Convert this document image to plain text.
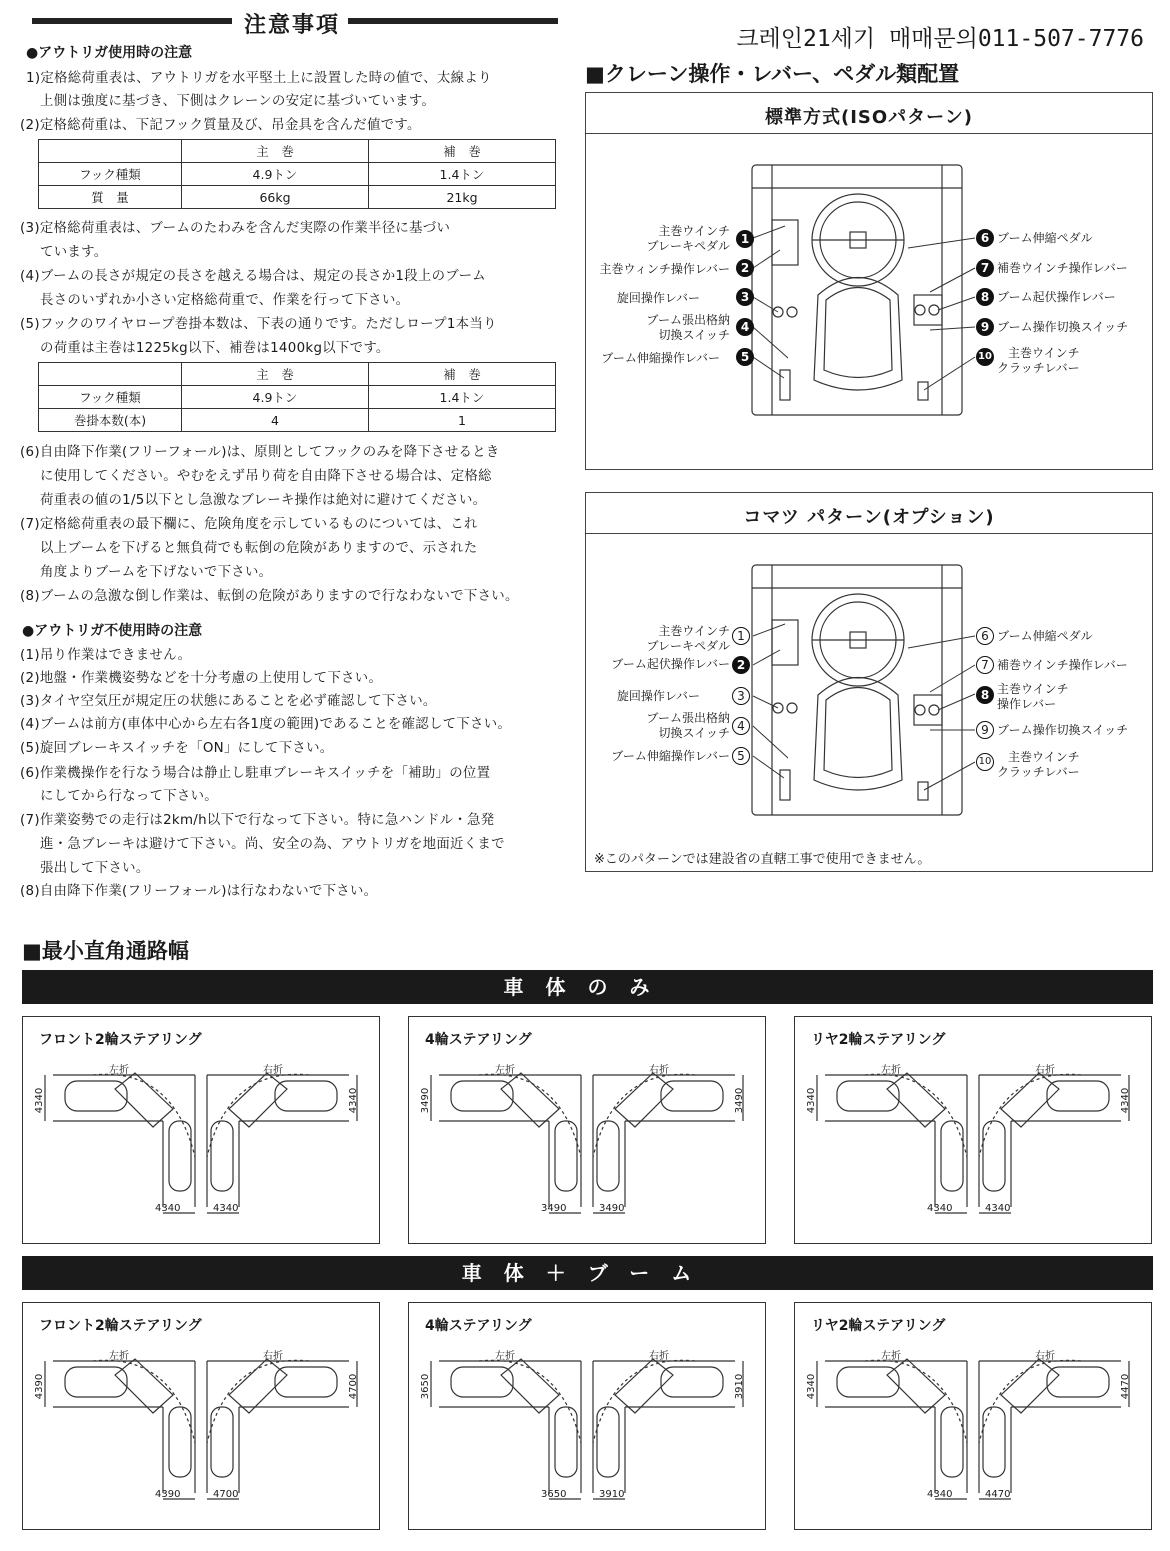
注意事項
크레인21세기 매매문의011-507-7776
●アウトリガ使用時の注意
1)定格総荷重表は、アウトリガを水平堅土上に設置した時の値で、太線より
上側は強度に基づき、下側はクレーンの安定に基づいています。
(2)定格総荷重は、下記フック質量及び、吊金具を含んだ値です。
	主　巻	補　巻
フック種類	4.9トン	1.4トン
質　量	66kg	21kg
(3)定格総荷重表は、ブームのたわみを含んだ実際の作業半径に基づい
ています。
(4)ブームの長さが規定の長さを越える場合は、規定の長さか1段上のブーム
長さのいずれか小さい定格総荷重で、作業を行って下さい。
(5)フックのワイヤロープ巻掛本数は、下表の通りです。ただしロープ1本当り
の荷重は主巻は1225kg以下、補巻は1400kg以下です。
	主　巻	補　巻
フック種類	4.9トン	1.4トン
巻掛本数(本)	4	1
(6)自由降下作業(フリーフォール)は、原則としてフックのみを降下させるとき
に使用してください。やむをえず吊り荷を自由降下させる場合は、定格総
荷重表の値の1/5以下とし急激なブレーキ操作は絶対に避けてください。
(7)定格総荷重表の最下欄に、危険角度を示しているものについては、これ
以上ブームを下げると無負荷でも転倒の危険がありますので、示された
角度よりブームを下げないで下さい。
(8)ブームの急激な倒し作業は、転倒の危険がありますので行なわないで下さい。
●アウトリガ不使用時の注意
(1)吊り作業はできません。
(2)地盤・作業機姿勢などを十分考慮の上使用して下さい。
(3)タイヤ空気圧が規定圧の状態にあることを必ず確認して下さい。
(4)ブームは前方(車体中心から左右各1度の範囲)であることを確認して下さい。
(5)旋回ブレーキスイッチを「ON」にして下さい。
(6)作業機操作を行なう場合は静止し駐車ブレーキスイッチを「補助」の位置
にしてから行なって下さい。
(7)作業姿勢での走行は2km/h以下で行なって下さい。特に急ハンドル・急発
進・急ブレーキは避けて下さい。尚、安全の為、アウトリガを地面近くまで
張出して下さい。
(8)自由降下作業(フリーフォール)は行なわないで下さい。
■クレーン操作・レバー、ペダル類配置
標準方式(ISOパターン)
コマツ パターン(オプション)
主巻ウインチ
ブレーキペダル 1
主巻ウィンチ操作レバー 2
旋回操作レバー	3
ブーム張出格納
切換スイッチ
4
ブーム伸縮操作レバー	5
6 ブーム伸縮ペダル
7 補巻ウインチ操作レバー
8 ブーム起伏操作レバー
9 ブーム操作切換スイッチ
10	主巻ウインチ
クラッチレバー
主巻ウインチ
ブレーキペダル
1
ブーム起伏操作レバー 2
旋回操作レバー	3
ブーム張出格納
切換スイッチ 4
ブーム伸縮操作レバー 5
6 ブーム伸縮ペダル
7 補巻ウインチ操作レバー
8 主巻ウインチ
操作レバー
9 ブーム操作切換スイッチ
10	主巻ウインチ
クラッチレバー
※このパターンでは建設省の直轄工事で使用できません。
■最小直角通路幅
車体のみ
車体＋ブーム
フロント2輪ステアリング
左折	右折
4340	4340
4340	4340
4輪ステアリング
左折	右折
3490	3490
3490	3490
リヤ2輪ステアリング
左折	右折
4340	4340
4340	4340
フロント2輪ステアリング
左折	右折
4390	4700
4390	4700
4輪ステアリング
左折	右折
3650	3910
3650	3910
リヤ2輪ステアリング
左折	右折
4340	4470
4340	4470
